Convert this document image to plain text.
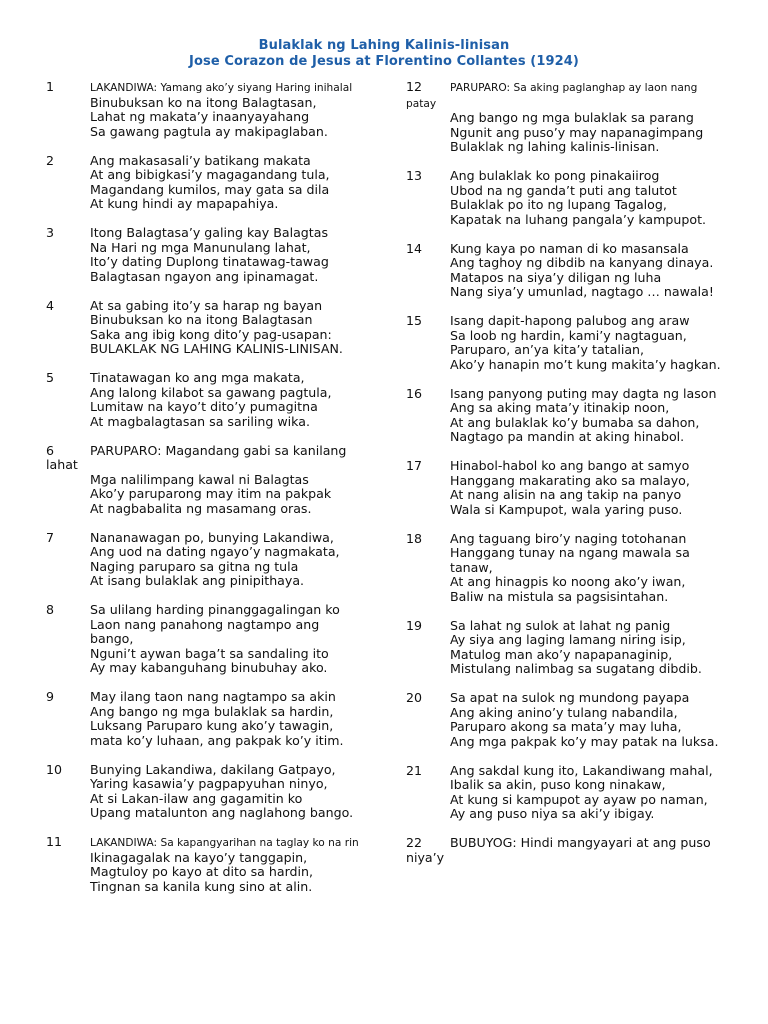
Bulaklak ng Lahing Kalinis-linisan
Jose Corazon de Jesus at Florentino Collantes (1924)
1	LAKANDIWA: Yamang ako’y siyang Haring inihalal
Binubuksan ko na itong Balagtasan,
Lahat ng makata’y inaanyayahang
Sa gawang pagtula ay makipaglaban.
2	Ang makasasali’y batikang makata
At ang bibigkasi’y magagandang tula,
Magandang kumilos, may gata sa dila
At kung hindi ay mapapahiya.
3	Itong Balagtasa’y galing kay Balagtas
Na Hari ng mga Manunulang lahat,
Ito’y dating Duplong tinatawag-tawag
Balagtasan ngayon ang ipinamagat.
4	At sa gabing ito’y sa harap ng bayan
Binubuksan ko na itong Balagtasan
Saka ang ibig kong dito’y pag-usapan:
BULAKLAK NG LAHING KALINIS-LINISAN.
5	Tinatawagan ko ang mga makata,
Ang lalong kilabot sa gawang pagtula,
Lumitaw na kayo’t dito’y pumagitna
At magbalagtasan sa sariling wika.
6	PARUPARO: Magandang gabi sa kanilang lahat
Mga nalilimpang kawal ni Balagtas
Ako’y paruparong may itim na pakpak
At nagbabalita ng masamang oras.
7	Nananawagan po, bunying Lakandiwa,
Ang uod na dating ngayo’y nagmakata,
Naging paruparo sa gitna ng tula
At isang bulaklak ang pinipithaya.
8	Sa ulilang harding pinanggagalingan ko
Laon nang panahong nagtampo ang bango,
Nguni’t aywan baga’t sa sandaling ito
Ay may kabanguhang binubuhay ako.
9	May ilang taon nang nagtampo sa akin
Ang bango ng mga bulaklak sa hardin,
Luksang Paruparo kung ako’y tawagin,
mata ko’y luhaan, ang pakpak ko’y itim.
10 Bunying Lakandiwa, dakilang Gatpayo,
Yaring kasawia’y pagpapyuhan ninyo,
At si Lakan-ilaw ang gagamitin ko
Upang matalunton ang naglahong bango.
11	LAKANDIWA: Sa kapangyarihan na taglay ko na rin
Ikinagagalak na kayo’y tanggapin,
Magtuloy po kayo at dito sa hardin,
Tingnan sa kanila kung sino at alin.
12	PARUPARO: Sa aking paglanghap ay laon nang patay
Ang bango ng mga bulaklak sa parang
Ngunit ang puso’y may napanagimpang
Bulaklak ng lahing kalinis-linisan.
13 Ang bulaklak ko pong pinakaiirog
Ubod na ng ganda’t puti ang talutot
Bulaklak po ito ng lupang Tagalog,
Kapatak na luhang pangala’y kampupot.
14 Kung kaya po naman di ko masansala
Ang taghoy ng dibdib na kanyang dinaya.
Matapos na siya’y diligan ng luha
Nang siya’y umunlad, nagtago … nawala!
15 Isang dapit-hapong palubog ang araw
Sa loob ng hardin, kami’y nagtaguan,
Paruparo, an’ya kita’y tatalian,
Ako’y hanapin mo’t kung makita’y hagkan.
16 Isang panyong puting may dagta ng lason
Ang sa aking mata’y itinakip noon,
At ang bulaklak ko’y bumaba sa dahon,
Nagtago pa mandin at aking hinabol.
17 Hinabol-habol ko ang bango at samyo
Hanggang makarating ako sa malayo,
At nang alisin na ang takip na panyo
Wala si Kampupot, wala yaring puso.
18 Ang taguang biro’y naging totohanan
Hanggang tunay na ngang mawala sa tanaw,
At ang hinagpis ko noong ako’y iwan,
Baliw na mistula sa pagsisintahan.
19 Sa lahat ng sulok at lahat ng panig
Ay siya ang laging lamang niring isip,
Matulog man ako’y napapanaginip,
Mistulang nalimbag sa sugatang dibdib.
20 Sa apat na sulok ng mundong payapa
Ang aking anino’y tulang nabandila,
Paruparo akong sa mata’y may luha,
Ang mga pakpak ko’y may patak na luksa.
21 Ang sakdal kung ito, Lakandiwang mahal,
Ibalik sa akin, puso kong ninakaw,
At kung si kampupot ay ayaw po naman,
Ay ang puso niya sa aki’y ibigay.
22 BUBUYOG: Hindi mangyayari at ang puso niya’y
